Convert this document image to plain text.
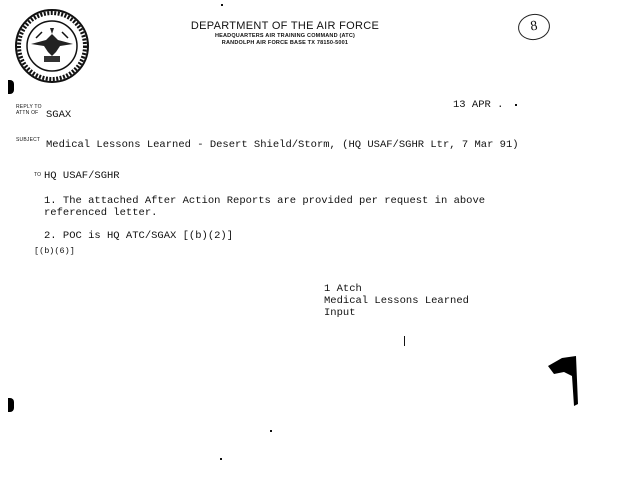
DEPARTMENT OF THE AIR FORCE
HEADQUARTERS AIR TRAINING COMMAND (ATC)
RANDOLPH AIR FORCE BASE TX 78150-5001
8
REPLY TO
ATTN OF SGAX
13 APR .
SUBJECT Medical Lessons Learned - Desert Shield/Storm, (HQ USAF/SGHR Ltr, 7 Mar 91)
TO HQ USAF/SGHR
1. The attached After Action Reports are provided per request in above
referenced letter.
2. POC is HQ ATC/SGAX [(b)(2)]
[(b)(6)]
1 Atch
Medical Lessons Learned
Input
